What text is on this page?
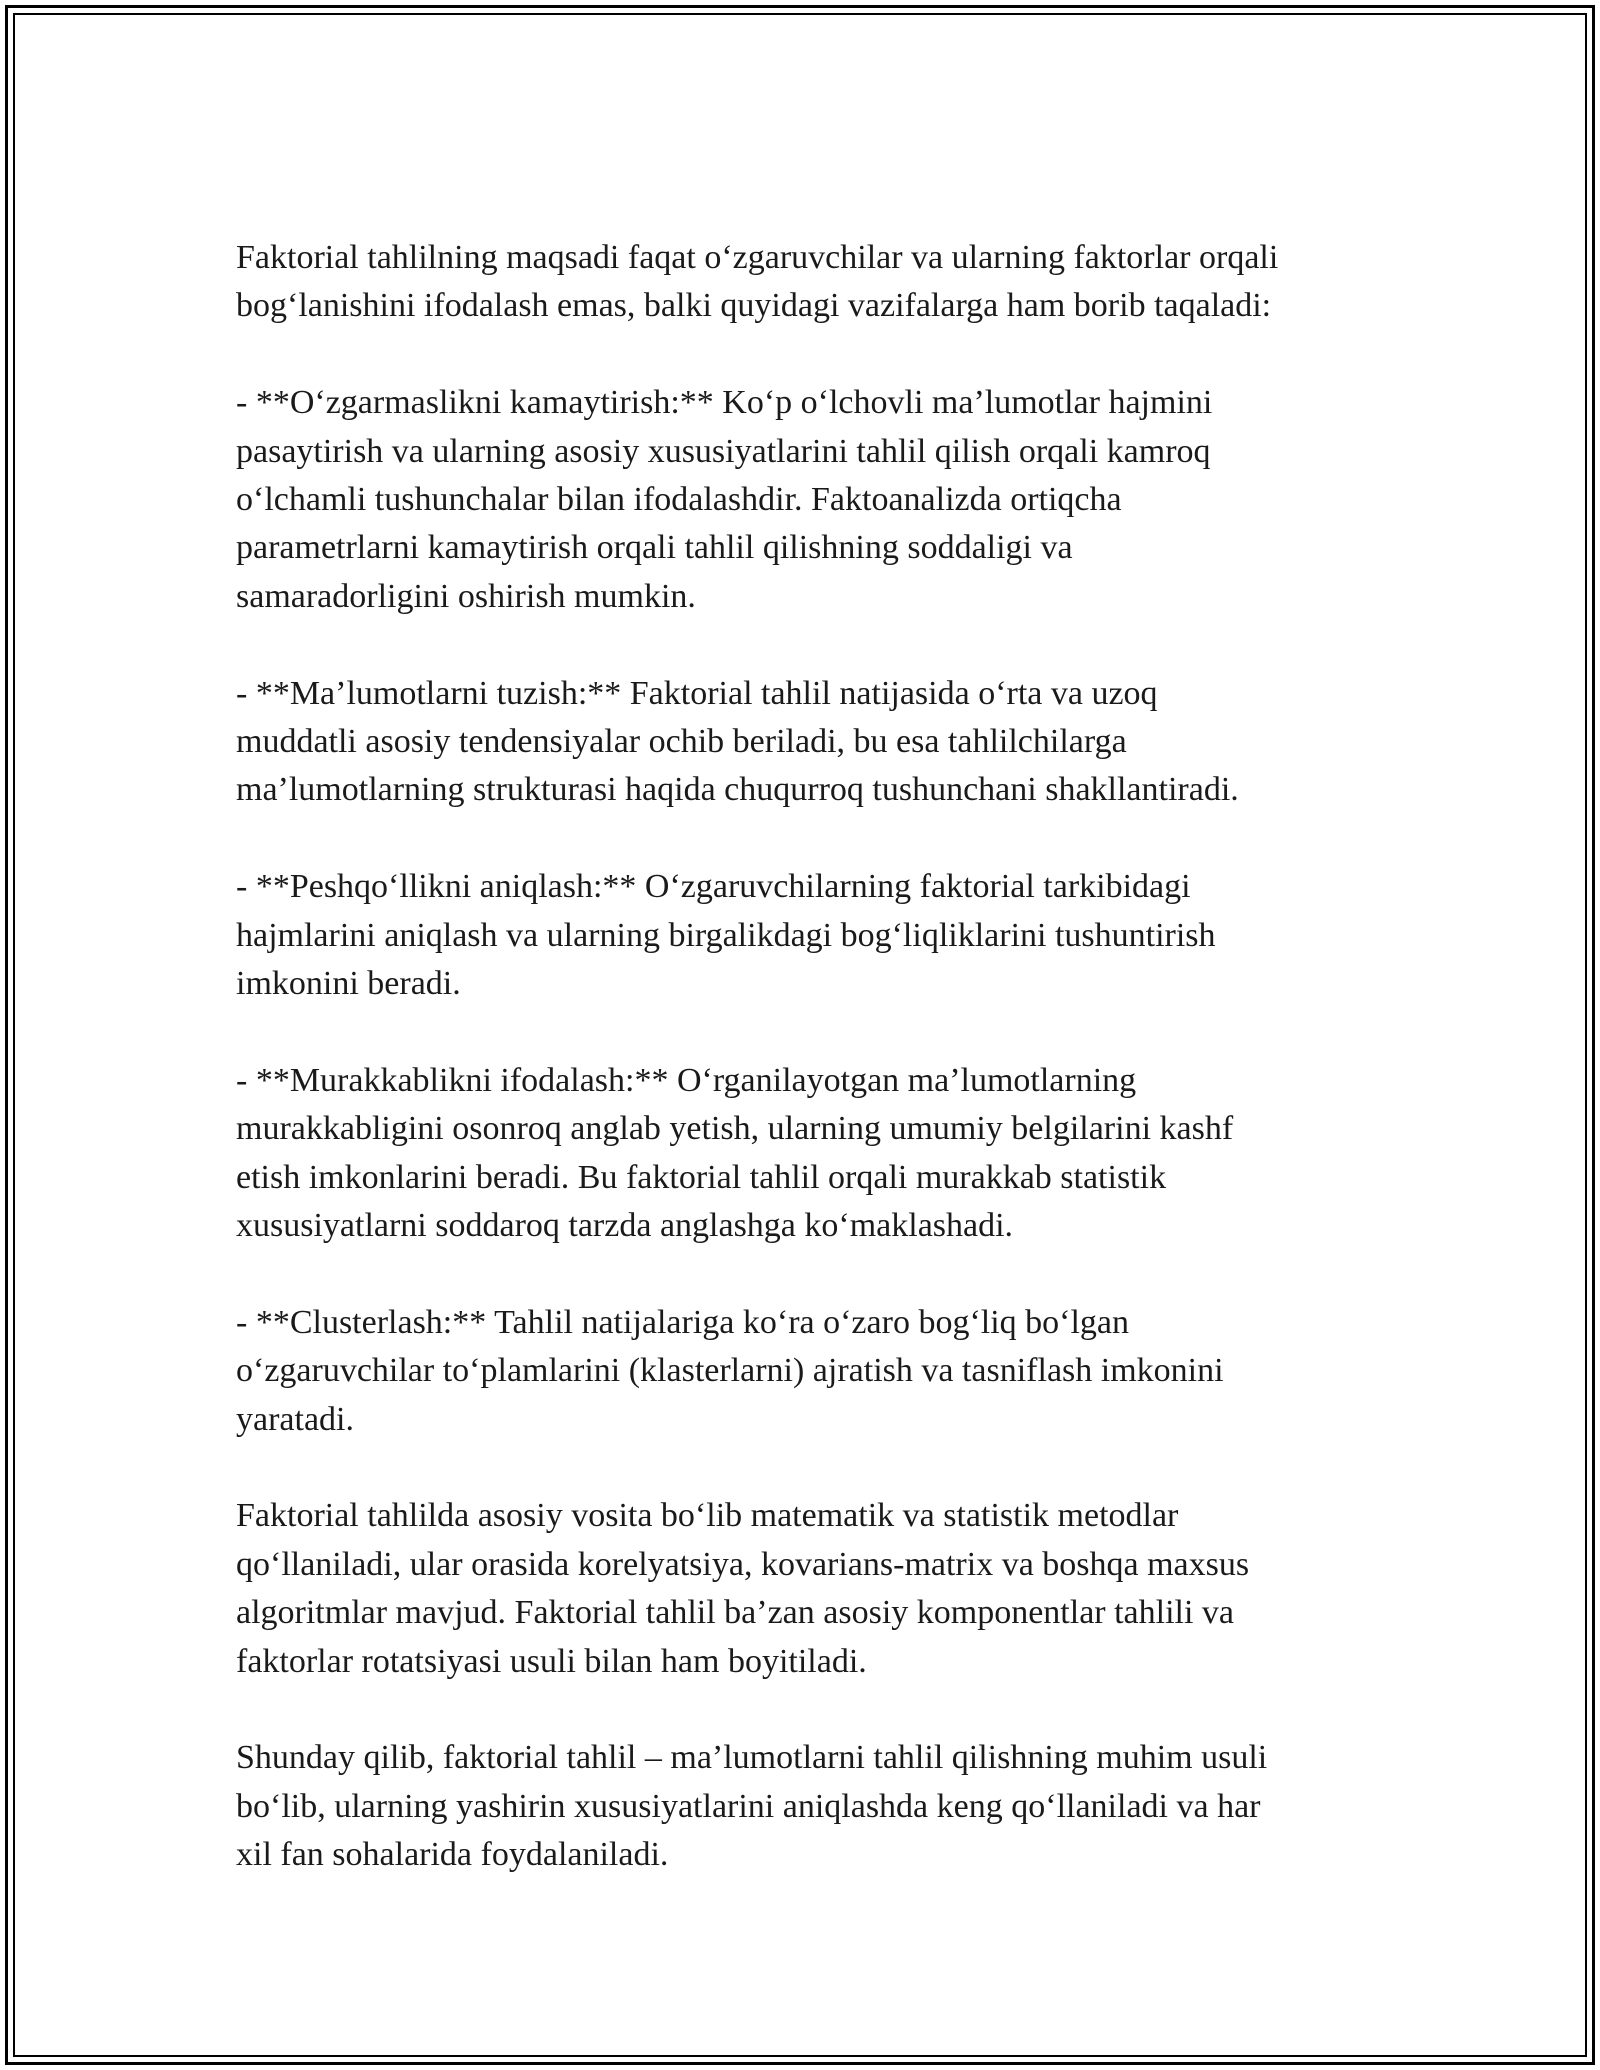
Faktorial tahlilning maqsadi faqat o‘zgaruvchilar va ularning faktorlar orqali
bog‘lanishini ifodalash emas, balki quyidagi vazifalarga ham borib taqaladi:

- **O‘zgarmaslikni kamaytirish:** Ko‘p o‘lchovli ma’lumotlar hajmini
pasaytirish va ularning asosiy xususiyatlarini tahlil qilish orqali kamroq
o‘lchamli tushunchalar bilan ifodalashdir. Faktoanalizda ortiqcha
parametrlarni kamaytirish orqali tahlil qilishning soddaligi va
samaradorligini oshirish mumkin.

- **Ma’lumotlarni tuzish:** Faktorial tahlil natijasida o‘rta va uzoq
muddatli asosiy tendensiyalar ochib beriladi, bu esa tahlilchilarga
ma’lumotlarning strukturasi haqida chuqurroq tushunchani shakllantiradi.

- **Peshqo‘llikni aniqlash:** O‘zgaruvchilarning faktorial tarkibidagi
hajmlarini aniqlash va ularning birgalikdagi bog‘liqliklarini tushuntirish
imkonini beradi.

- **Murakkablikni ifodalash:** O‘rganilayotgan ma’lumotlarning
murakkabligini osonroq anglab yetish, ularning umumiy belgilarini kashf
etish imkonlarini beradi. Bu faktorial tahlil orqali murakkab statistik
xususiyatlarni soddaroq tarzda anglashga ko‘maklashadi.

- **Clusterlash:** Tahlil natijalariga ko‘ra o‘zaro bog‘liq bo‘lgan
o‘zgaruvchilar to‘plamlarini (klasterlarni) ajratish va tasniflash imkonini
yaratadi.

Faktorial tahlilda asosiy vosita bo‘lib matematik va statistik metodlar
qo‘llaniladi, ular orasida korelyatsiya, kovarians-matrix va boshqa maxsus
algoritmlar mavjud. Faktorial tahlil ba’zan asosiy komponentlar tahlili va
faktorlar rotatsiyasi usuli bilan ham boyitiladi.

Shunday qilib, faktorial tahlil – ma’lumotlarni tahlil qilishning muhim usuli
bo‘lib, ularning yashirin xususiyatlarini aniqlashda keng qo‘llaniladi va har
xil fan sohalarida foydalaniladi.
